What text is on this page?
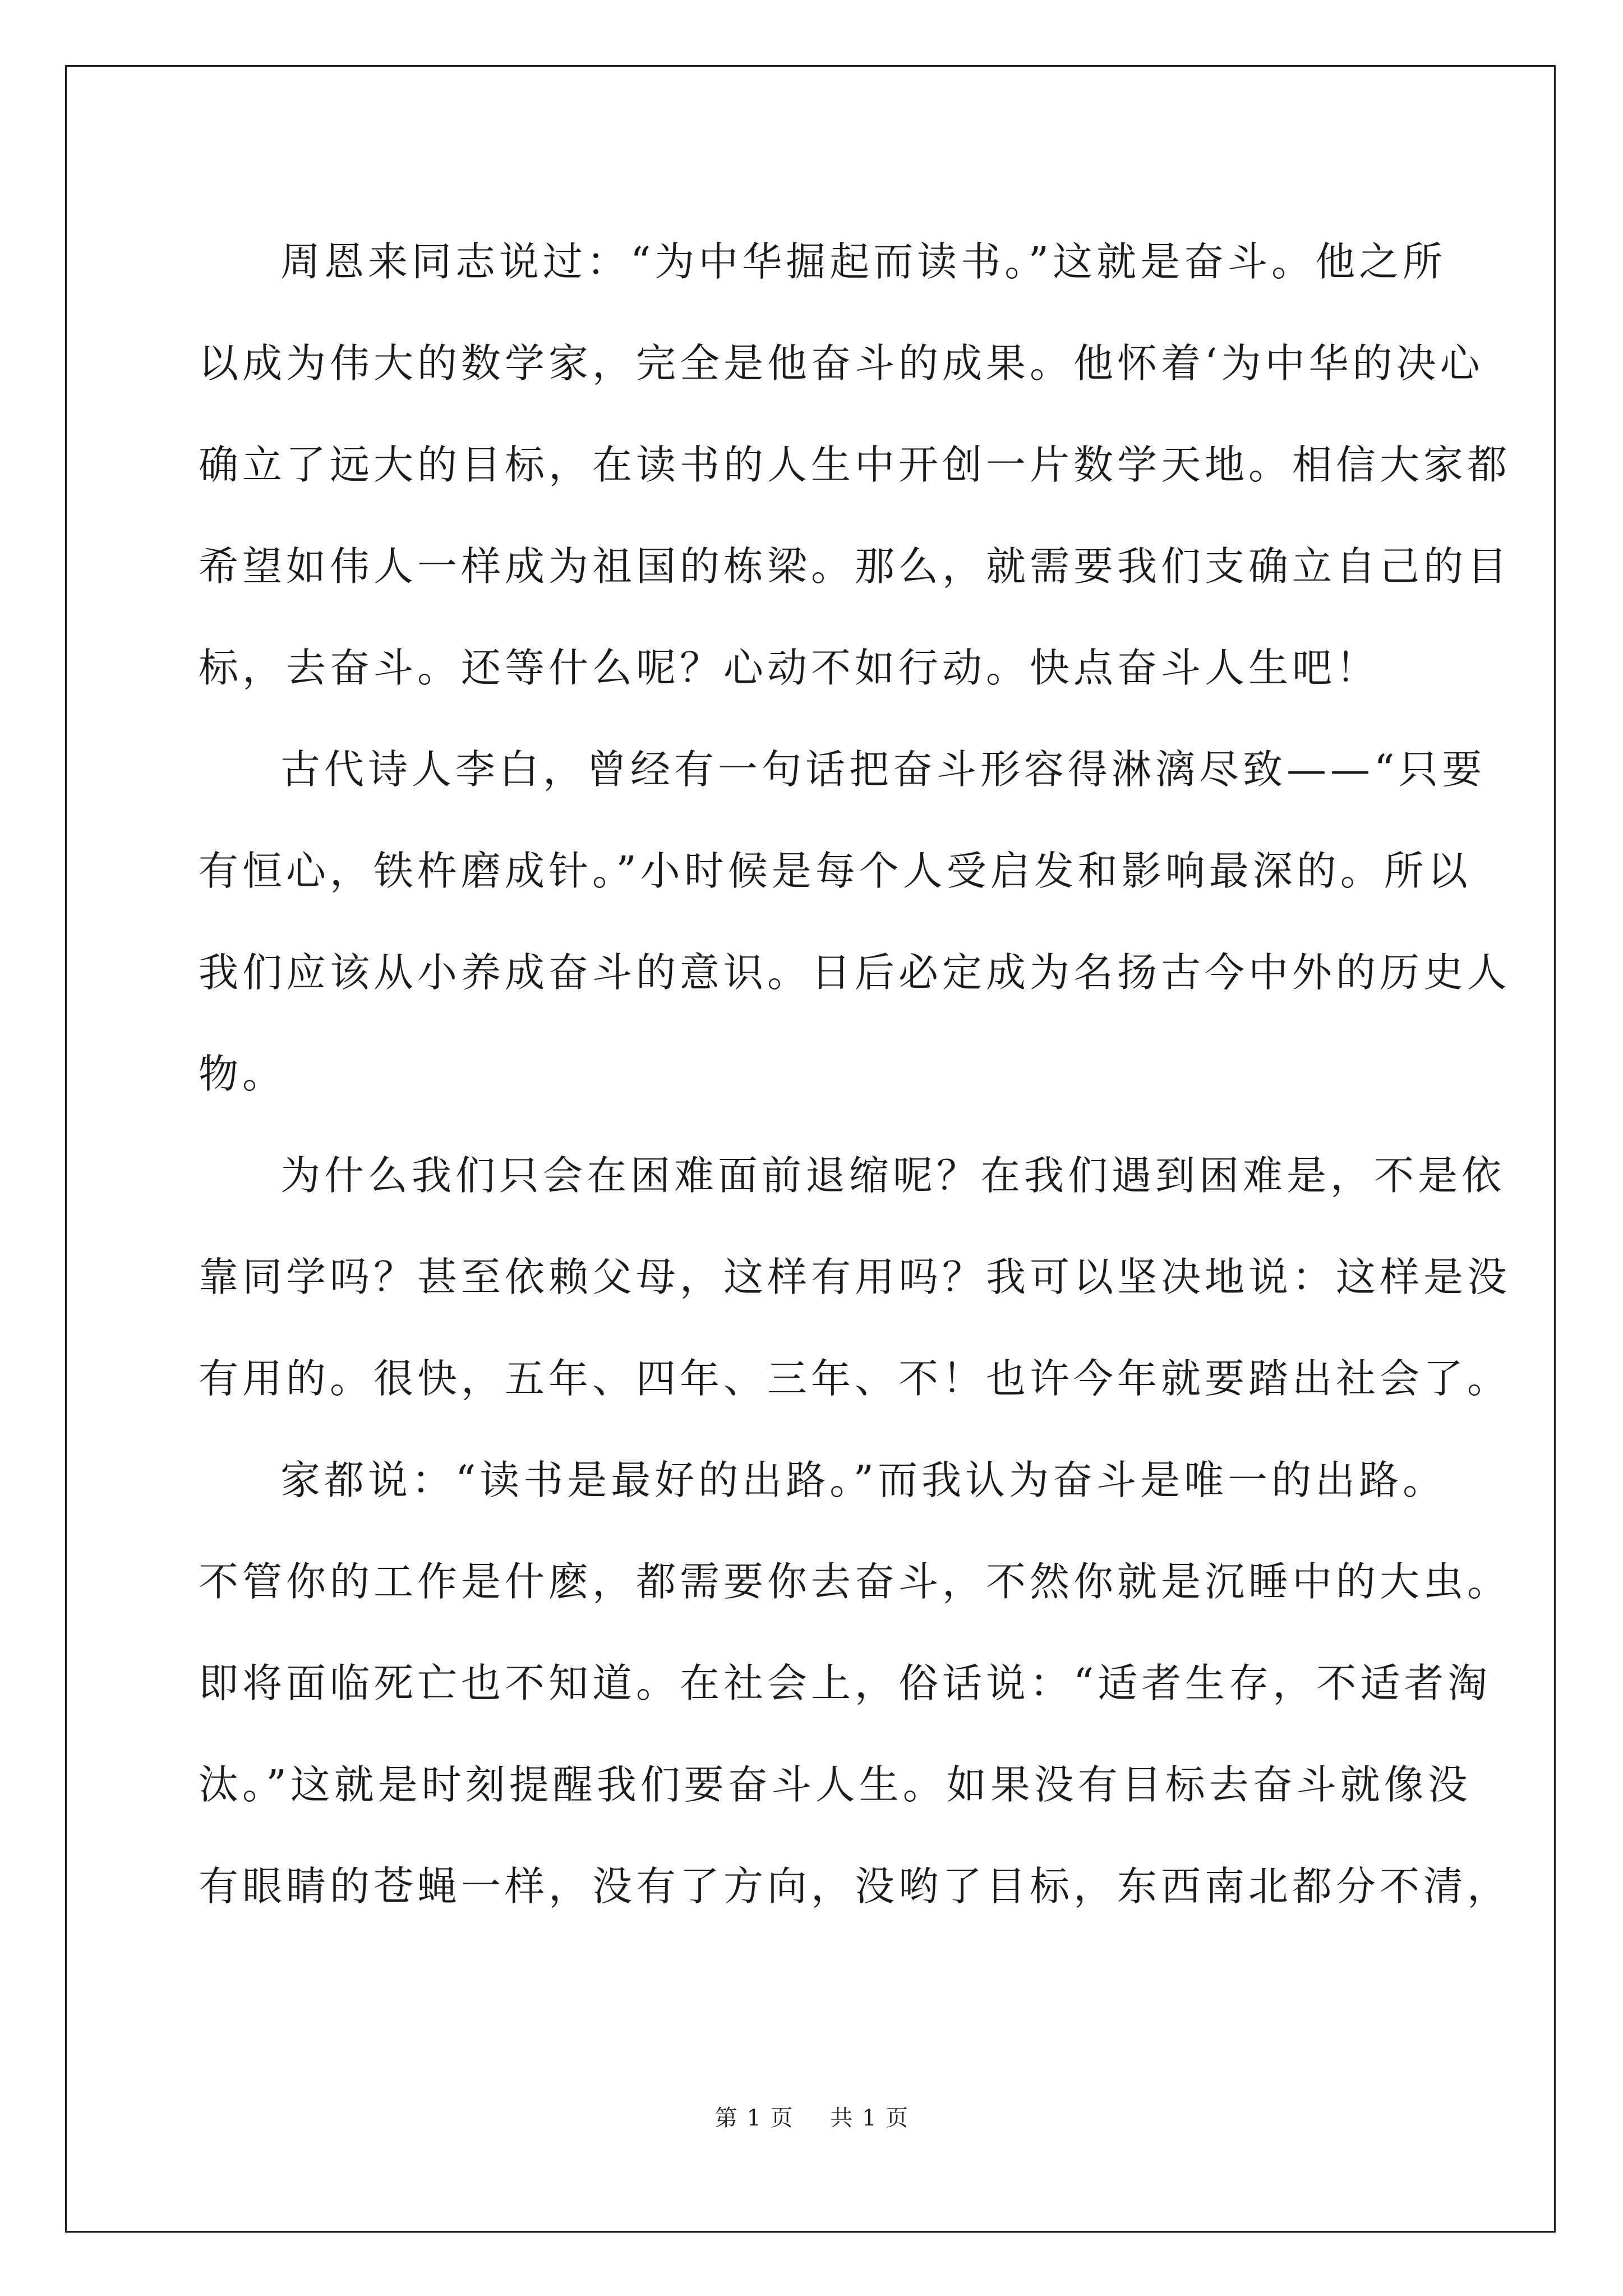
周恩来同志说过：“为中华掘起而读书。”这就是奋斗。他之所
以成为伟大的数学家，完全是他奋斗的成果。他怀着‘为中华的决心
确立了远大的目标，在读书的人生中开创一片数学天地。相信大家都
希望如伟人一样成为祖国的栋梁。那么，就需要我们支确立自己的目
标，去奋斗。还等什么呢？心动不如行动。快点奋斗人生吧！
古代诗人李白，曾经有一句话把奋斗形容得淋漓尽致——“只要
有恒心，铁杵磨成针。”小时候是每个人受启发和影响最深的。所以
我们应该从小养成奋斗的意识。日后必定成为名扬古今中外的历史人
物。
为什么我们只会在困难面前退缩呢？在我们遇到困难是，不是依
靠同学吗？甚至依赖父母，这样有用吗？我可以坚决地说：这样是没
有用的。很快，五年、四年、三年、不！也许今年就要踏出社会了。
家都说：“读书是最好的出路。”而我认为奋斗是唯一的出路。
不管你的工作是什麽，都需要你去奋斗，不然你就是沉睡中的大虫。
即将面临死亡也不知道。在社会上，俗话说：“适者生存，不适者淘
汰。”这就是时刻提醒我们要奋斗人生。如果没有目标去奋斗就像没
有眼睛的苍蝇一样，没有了方向，没哟了目标，东西南北都分不清，
第 1 页 共 1 页
